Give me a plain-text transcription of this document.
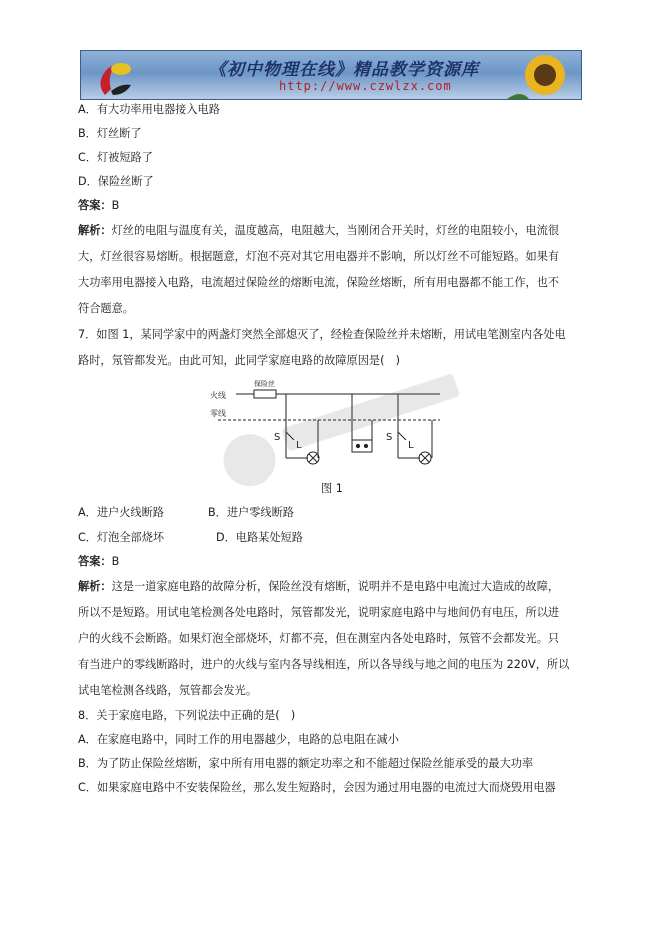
《初中物理在线》精品教学资源库
http://www.czwlzx.com
A．有大功率用电器接入电路
B．灯丝断了
C．灯被短路了
D．保险丝断了
答案：B
解析：灯丝的电阻与温度有关，温度越高，电阻越大，当刚闭合开关时，灯丝的电阻较小，电流很
大，灯丝很容易熔断。根据题意，灯泡不亮对其它用电器并不影响，所以灯丝不可能短路。如果有
大功率用电器接入电路，电流超过保险丝的熔断电流，保险丝熔断，所有用电器都不能工作，也不
符合题意。
7．如图 1，某同学家中的两盏灯突然全部熄灭了，经检查保险丝并未熔断，用试电笔测室内各处电
路时，氖管都发光。由此可知，此同学家庭电路的故障原因是(　)
火线
零线
保险丝
S
L
S
L
图 1
A．进户火线断路	B．进户零线断路
C．灯泡全部烧坏	D．电路某处短路
答案：B
解析：这是一道家庭电路的故障分析，保险丝没有熔断，说明并不是电路中电流过大造成的故障，
所以不是短路。用试电笔检测各处电路时，氖管都发光，说明家庭电路中与地间仍有电压，所以进
户的火线不会断路。如果灯泡全部烧坏，灯都不亮，但在测室内各处电路时，氖管不会都发光。只
有当进户的零线断路时，进户的火线与室内各导线相连，所以各导线与地之间的电压为 220V，所以
试电笔检测各线路，氖管都会发光。
8．关于家庭电路，下列说法中正确的是(　)
A．在家庭电路中，同时工作的用电器越少，电路的总电阻在减小
B．为了防止保险丝熔断，家中所有用电器的额定功率之和不能超过保险丝能承受的最大功率
C．如果家庭电路中不安装保险丝，那么发生短路时，会因为通过用电器的电流过大而烧毁用电器
